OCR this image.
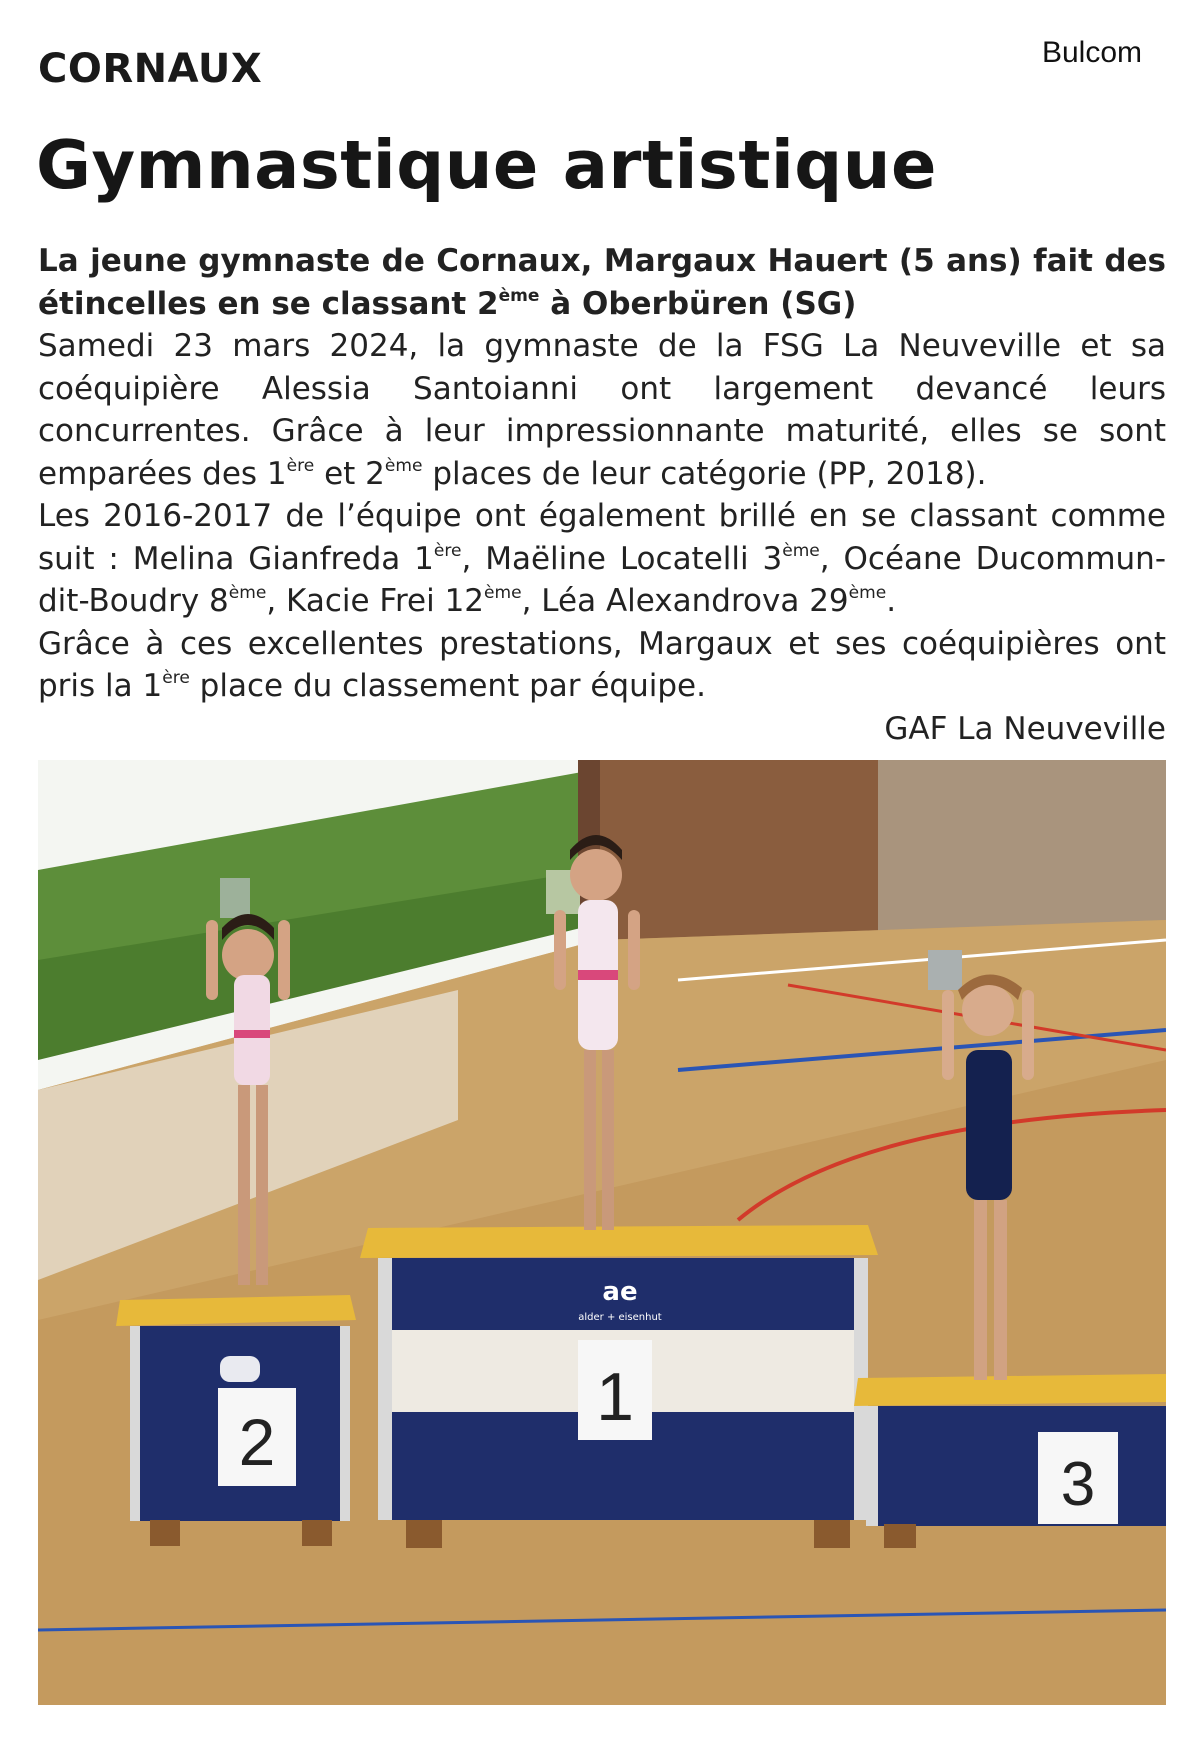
Bulcom
CORNAUX
Gymnastique artistique

La jeune gymnaste de Cornaux, Margaux Hauert (5 ans) fait des étincelles en se classant 2ème à Oberbüren (SG)

Samedi 23 mars 2024, la gymnaste de la FSG La Neuveville et sa coéquipière Alessia Santoianni ont largement devancé leurs concurrentes. Grâce à leur impressionnante maturité, elles se sont emparées des 1ère et 2ème places de leur catégorie (PP, 2018).

Les 2016-2017 de l’équipe ont également brillé en se classant comme suit : Melina Gianfreda 1ère, Maëline Locatelli 3ème, Océane Ducommun-dit-Boudry 8ème, Kacie Frei 12ème, Léa Alexandrova 29ème.

Grâce à ces excellentes prestations, Margaux et ses coéquipières ont pris la 1ère place du classement par équipe.

GAF La Neuveville

2
ae
alder + eisenhut
1
3
